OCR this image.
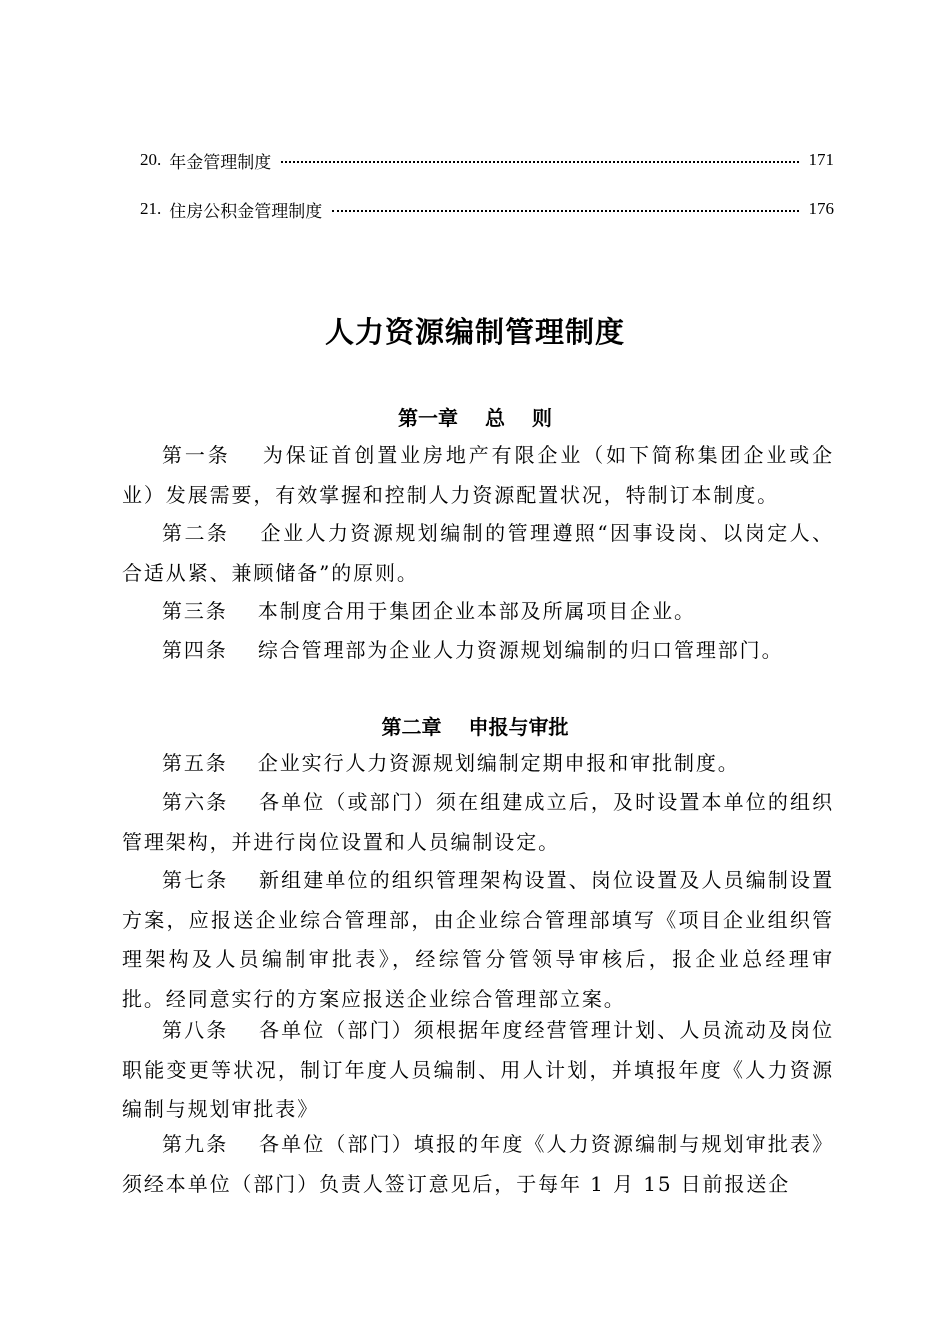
20. 年金管理制度	171
21. 住房公积金管理制度	176
人力资源编制管理制度
第一章　 总　 则

第一条　 为保证首创置业房地产有限企业（如下简称集团企业或企业）发展需要，有效掌握和控制人力资源配置状况，特制订本制度。

第二条　 企业人力资源规划编制的管理遵照“因事设岗、以岗定人、合适从紧、兼顾储备”的原则。

第三条　 本制度合用于集团企业本部及所属项目企业。

第四条　 综合管理部为企业人力资源规划编制的归口管理部门。

第二章　 申报与审批

第五条　 企业实行人力资源规划编制定期申报和审批制度。

第六条　 各单位（或部门）须在组建成立后，及时设置本单位的组织管理架构，并进行岗位设置和人员编制设定。

第七条　 新组建单位的组织管理架构设置、岗位设置及人员编制设置方案，应报送企业综合管理部，由企业综合管理部填写《项目企业组织管理架构及人员编制审批表》，经综管分管领导审核后，报企业总经理审批。经同意实行的方案应报送企业综合管理部立案。

第八条　 各单位（部门）须根据年度经营管理计划、人员流动及岗位职能变更等状况，制订年度人员编制、用人计划，并填报年度《人力资源编制与规划审批表》

第九条　 各单位（部门）填报的年度《人力资源编制与规划审批表》须经本单位（部门）负责人签订意见后，于每年 1 月 15 日前报送企
